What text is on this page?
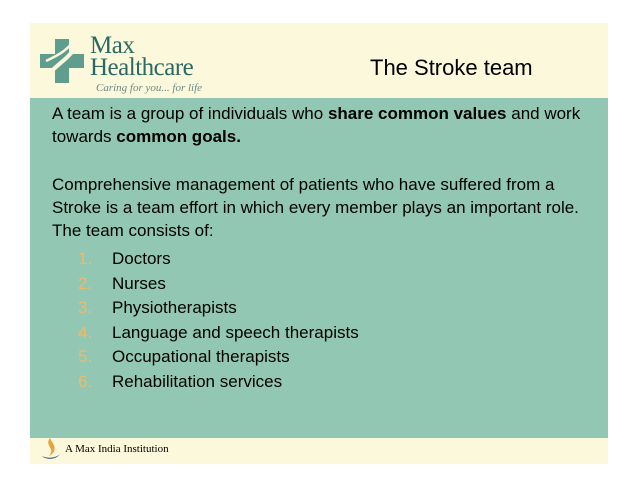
Max
Healthcare
Caring for you... for life
The Stroke team
A team is a group of individuals who share common values and work towards common goals.
Comprehensive management of patients who have suffered from a Stroke is a team effort in which every member plays an important role. The team consists of:
1. Doctors
2. Nurses
3. Physiotherapists
4. Language and speech therapists
5. Occupational therapists
6. Rehabilitation services
A Max India Institution
